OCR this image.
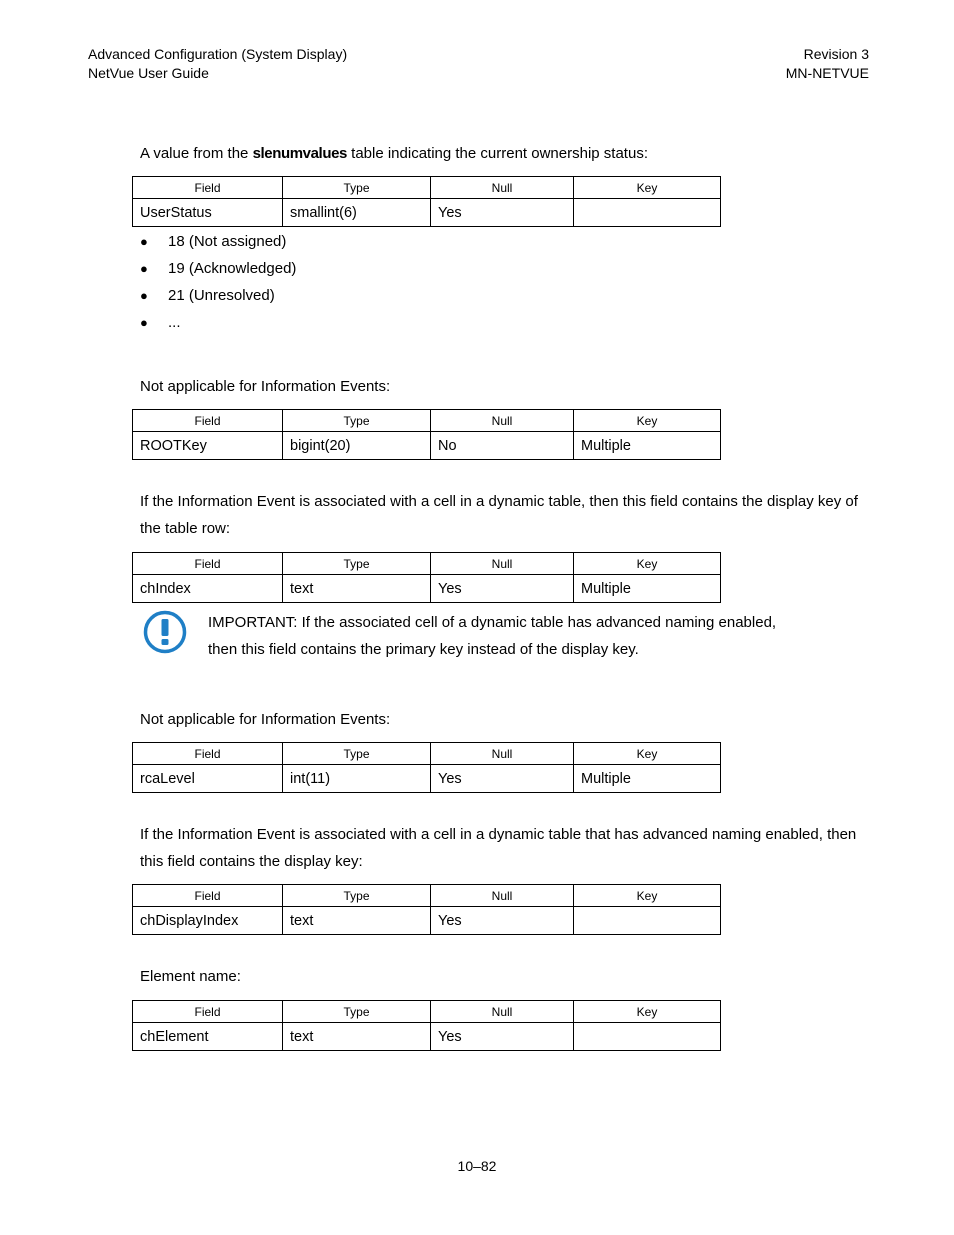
Advanced Configuration (System Display)
NetVue User Guide
Revision 3
MN-NETVUE
A value from the slenumvalues table indicating the current ownership status:
Field	Type	Null	Key
UserStatus	smallint(6)	Yes	
● 18 (Not assigned)
● 19 (Acknowledged)
● 21 (Unresolved)
● ...
Not applicable for Information Events:
Field	Type	Null	Key
ROOTKey	bigint(20)	No	Multiple
If the Information Event is associated with a cell in a dynamic table, then this field contains the display key of the table row:
Field	Type	Null	Key
chIndex	text	Yes	Multiple
IMPORTANT: If the associated cell of a dynamic table has advanced naming enabled,
then this field contains the primary key instead of the display key.
Not applicable for Information Events:
Field	Type	Null	Key
rcaLevel	int(11)	Yes	Multiple
If the Information Event is associated with a cell in a dynamic table that has advanced naming enabled, then this field contains the display key:
Field	Type	Null	Key
chDisplayIndex	text	Yes	
Element name:
Field	Type	Null	Key
chElement	text	Yes	
10–82
